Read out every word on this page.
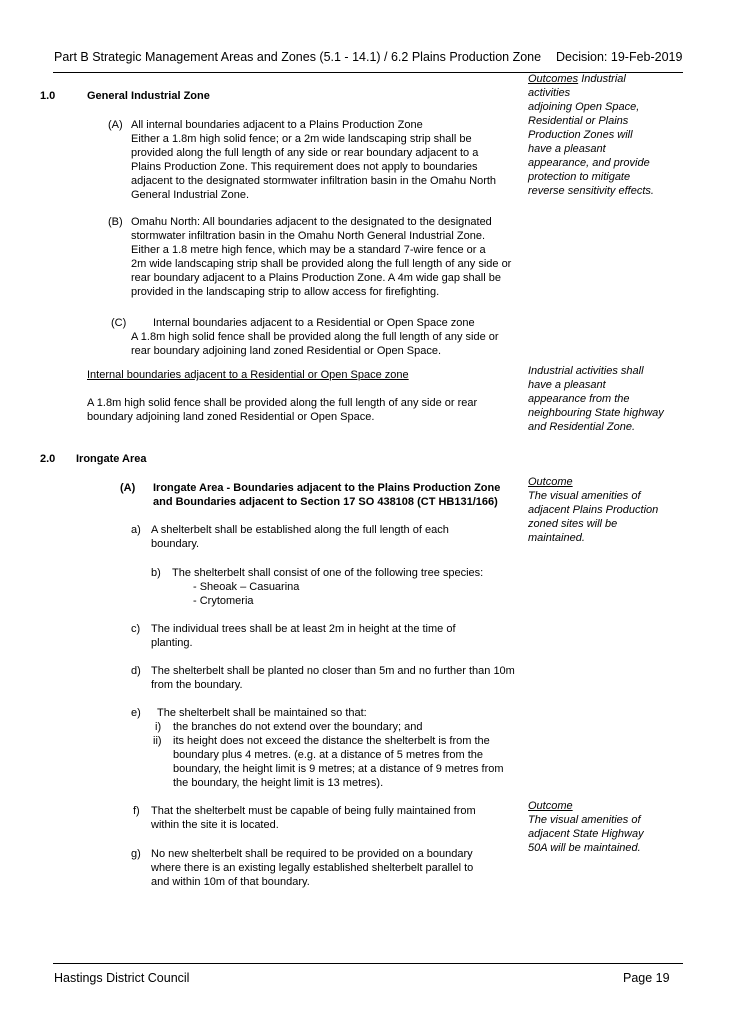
Part B Strategic Management Areas and Zones (5.1 - 14.1) / 6.2 Plains Production Zone Decision: 19-Feb-2019
Outcomes Industrial
activities
adjoining Open Space,
Residential or Plains
Production Zones will
have a pleasant
appearance, and provide
protection to mitigate
reverse sensitivity effects.
1.0	General Industrial Zone
(A) All internal boundaries adjacent to a Plains Production Zone
Either a 1.8m high solid fence; or a 2m wide landscaping strip shall be
provided along the full length of any side or rear boundary adjacent to a
Plains Production Zone. This requirement does not apply to boundaries
adjacent to the designated stormwater infiltration basin in the Omahu North
General Industrial Zone.
(B) Omahu North: All boundaries adjacent to the designated to the designated
stormwater infiltration basin in the Omahu North General Industrial Zone.
Either a 1.8 metre high fence, which may be a standard 7-wire fence or a
2m wide landscaping strip shall be provided along the full length of any side or
rear boundary adjacent to a Plains Production Zone. A 4m wide gap shall be
provided in the landscaping strip to allow access for firefighting.
(C) Internal boundaries adjacent to a Residential or Open Space zone
A 1.8m high solid fence shall be provided along the full length of any side or
rear boundary adjoining land zoned Residential or Open Space.
Internal boundaries adjacent to a Residential or Open Space zone
A 1.8m high solid fence shall be provided along the full length of any side or rear
boundary adjoining land zoned Residential or Open Space.
Industrial activities shall
have a pleasant
appearance from the
neighbouring State highway
and Residential Zone.
2.0 Irongate Area
(A) Irongate Area - Boundaries adjacent to the Plains Production Zone
and Boundaries adjacent to Section 17 SO 438108 (CT HB131/166)
Outcome
The visual amenities of
adjacent Plains Production
zoned sites will be
maintained.
a) A shelterbelt shall be established along the full length of each
boundary.
b) The shelterbelt shall consist of one of the following tree species:
- Sheoak – Casuarina
- Crytomeria
c) The individual trees shall be at least 2m in height at the time of
planting.
d) The shelterbelt shall be planted no closer than 5m and no further than 10m
from the boundary.
e) The shelterbelt shall be maintained so that:
i) the branches do not extend over the boundary; and
ii) its height does not exceed the distance the shelterbelt is from the
boundary plus 4 metres. (e.g. at a distance of 5 metres from the
boundary, the height limit is 9 metres; at a distance of 9 metres from
the boundary, the height limit is 13 metres).
f) That the shelterbelt must be capable of being fully maintained from
within the site it is located.
Outcome
The visual amenities of
adjacent State Highway
50A will be maintained.
g) No new shelterbelt shall be required to be provided on a boundary
where there is an existing legally established shelterbelt parallel to
and within 10m of that boundary.
Hastings District Council	Page 19
